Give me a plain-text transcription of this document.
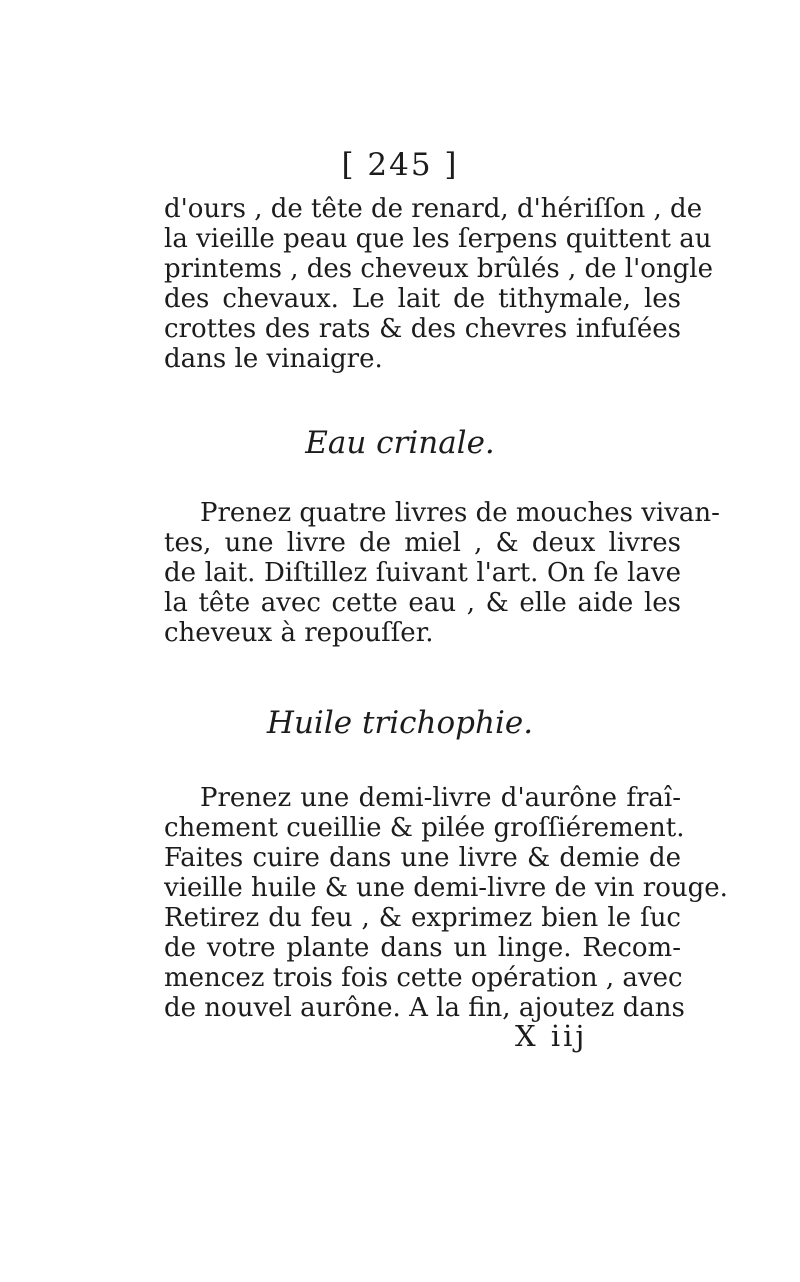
[ 245 ]
d'ours , de tête de renard, d'hériſſon , de
la vieille peau que les ſerpens quittent au
printems , des cheveux brûlés , de l'ongle
des chevaux. Le lait de tithymale, les
crottes des rats & des chevres infuſées
dans le vinaigre.
Eau crinale.
Prenez quatre livres de mouches vivan-
tes, une livre de miel , & deux livres
de lait. Diſtillez ſuivant l'art. On ſe lave
la tête avec cette eau , & elle aide les
cheveux à repouſſer.
Huile trichophie.
Prenez une demi-livre d'aurône fraî-
chement cueillie & pilée groſſiérement.
Faites cuire dans une livre & demie de
vieille huile & une demi-livre de vin rouge.
Retirez du feu , & exprimez bien le ſuc
de votre plante dans un linge. Recom-
mencez trois fois cette opération , avec
de nouvel aurône. A la fin, ajoutez dans
X iij
